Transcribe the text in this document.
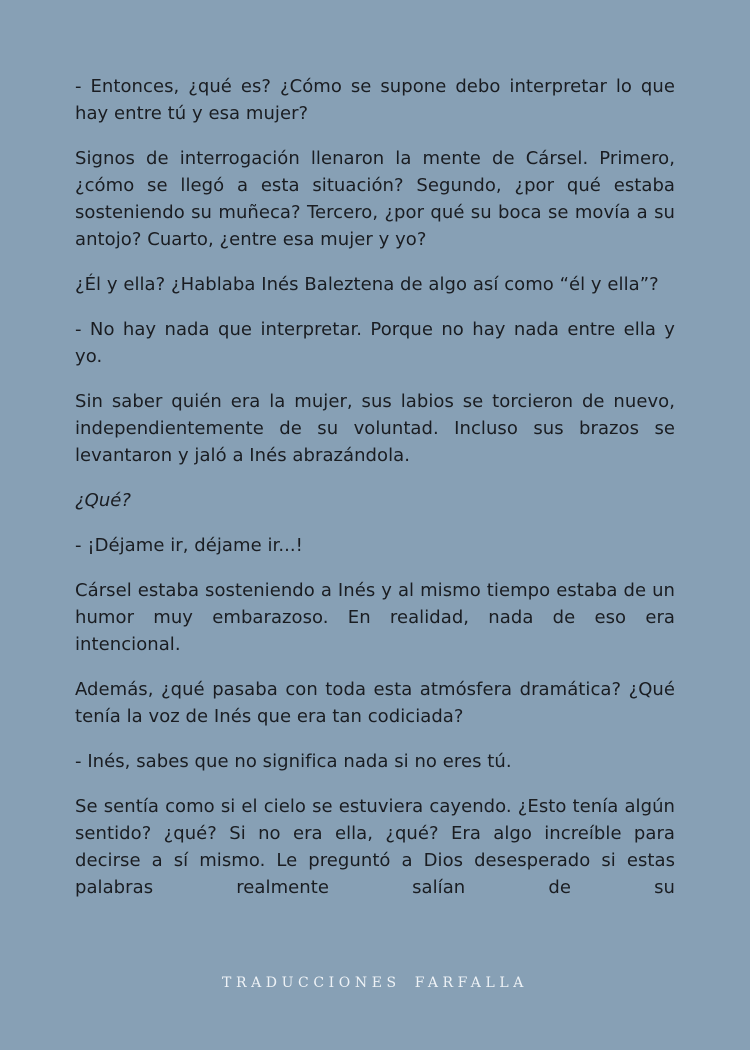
- Entonces, ¿qué es? ¿Cómo se supone debo interpretar lo que hay entre tú y esa mujer?

Signos de interrogación llenaron la mente de Cársel. Primero, ¿cómo se llegó a esta situación? Segundo, ¿por qué estaba sosteniendo su muñeca? Tercero, ¿por qué su boca se movía a su antojo? Cuarto, ¿entre esa mujer y yo?

¿Él y ella? ¿Hablaba Inés Baleztena de algo así como “él y ella”?

- No hay nada que interpretar. Porque no hay nada entre ella y yo.

Sin saber quién era la mujer, sus labios se torcieron de nuevo, independientemente de su voluntad. Incluso sus brazos se levantaron y jaló a Inés abrazándola.

¿Qué?

- ¡Déjame ir, déjame ir...!

Cársel estaba sosteniendo a Inés y al mismo tiempo estaba de un humor muy embarazoso. En realidad, nada de eso era intencional.

Además, ¿qué pasaba con toda esta atmósfera dramática? ¿Qué tenía la voz de Inés que era tan codiciada?

- Inés, sabes que no significa nada si no eres tú.

Se sentía como si el cielo se estuviera cayendo. ¿Esto tenía algún sentido? ¿qué? Si no era ella, ¿qué? Era algo increíble para decirse a sí mismo. Le preguntó a Dios desesperado si estas palabras realmente salían de su

TRADUCCIONES FARFALLA
